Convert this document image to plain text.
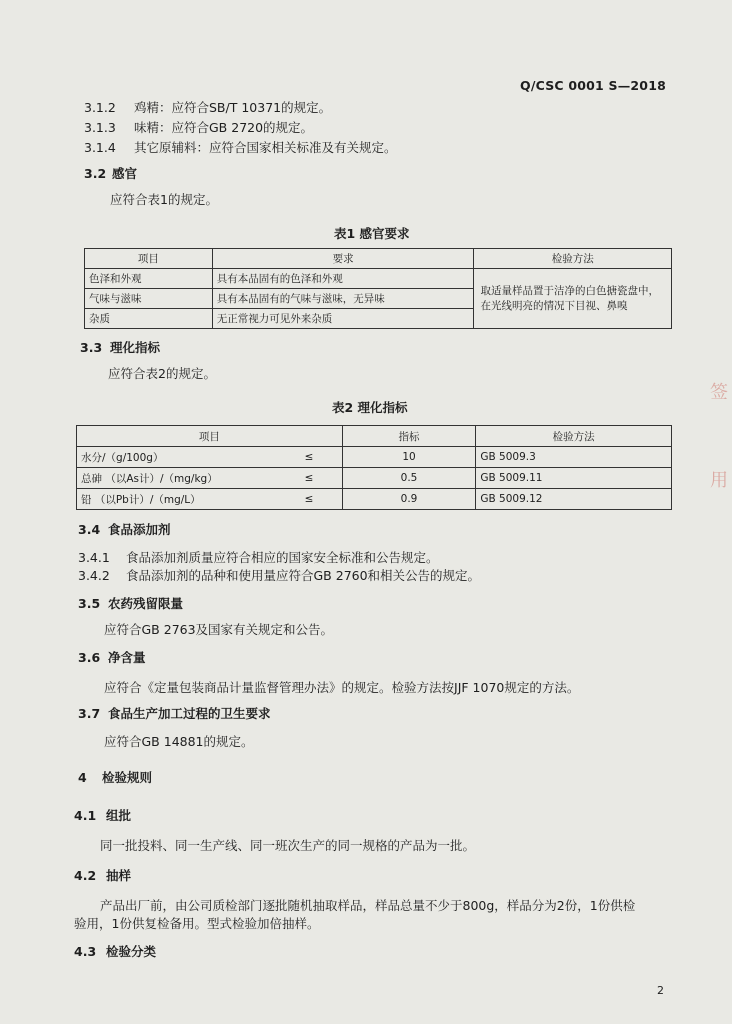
Q/CSC 0001 S—2018
3.1.2 鸡精：应符合SB/T 10371的规定。
3.1.3 味精：应符合GB 2720的规定。
3.1.4 其它原辅料：应符合国家相关标准及有关规定。
3.2 感官
应符合表1的规定。
表1 感官要求
项目	要求	检验方法
色泽和外观	具有本品固有的色泽和外观	取适量样品置于洁净的白色搪瓷盘中，在光线明亮的情况下目视、鼻嗅
气味与滋味	具有本品固有的气味与滋味，无异味	
杂质	无正常视力可见外来杂质	
3.3 理化指标
应符合表2的规定。
表2 理化指标
项目		指标	检验方法
水分/（g/100g）	≤	10	GB 5009.3
总砷 （以As计）/（mg/kg）	≤	0.5	GB 5009.11
铅 （以Pb计）/（mg/L）	≤	0.9	GB 5009.12
3.4 食品添加剂
3.4.1 食品添加剂质量应符合相应的国家安全标准和公告规定。
3.4.2 食品添加剂的品种和使用量应符合GB 2760和相关公告的规定。
3.5 农药残留限量
应符合GB 2763及国家有关规定和公告。
3.6 净含量
应符合《定量包装商品计量监督管理办法》的规定。检验方法按JJF 1070规定的方法。
3.7 食品生产加工过程的卫生要求
应符合GB 14881的规定。
4 检验规则
4.1 组批
同一批投料、同一生产线、同一班次生产的同一规格的产品为一批。
4.2 抽样
产品出厂前，由公司质检部门逐批随机抽取样品，样品总量不少于800g，样品分为2份，1份供检
验用，1份供复检备用。型式检验加倍抽样。
4.3 检验分类
2
签
用
